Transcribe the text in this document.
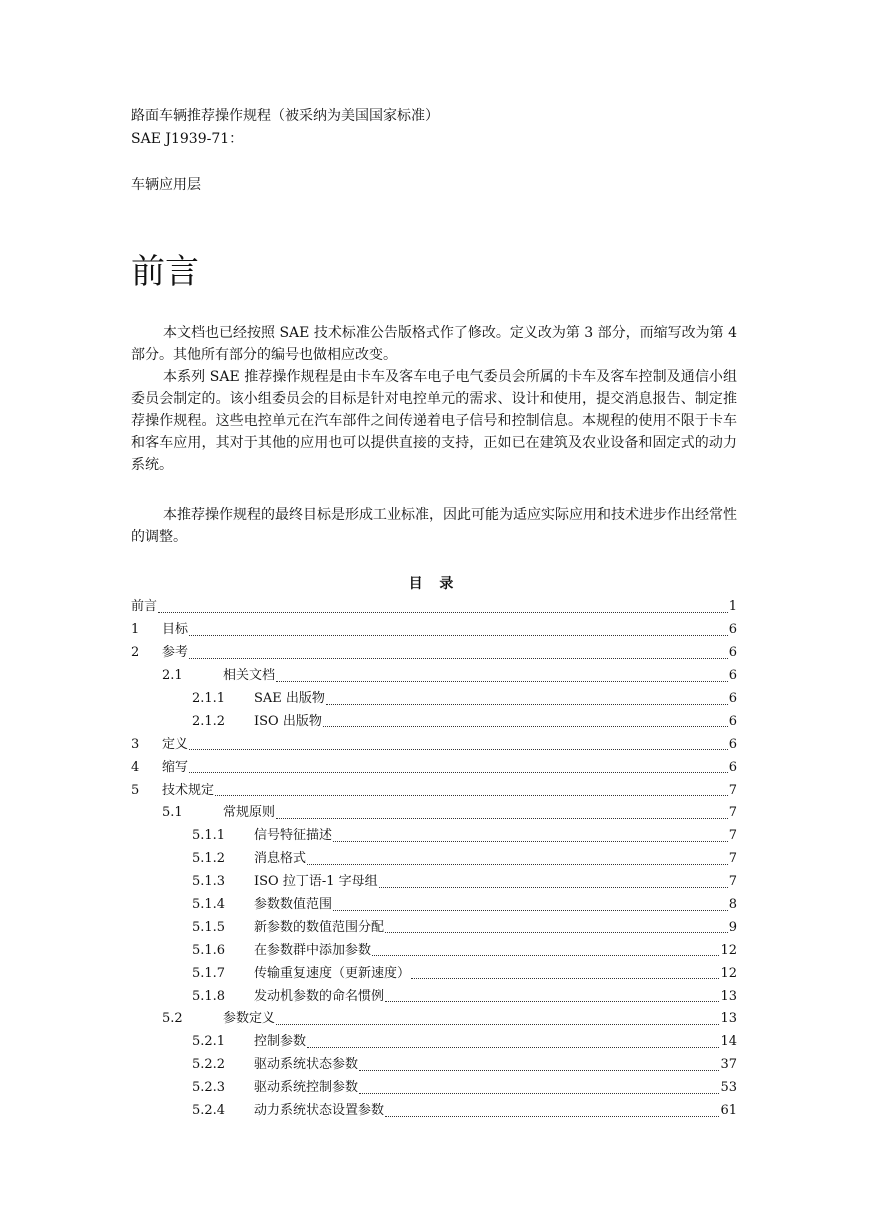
路面车辆推荐操作规程（被采纳为美国国家标准）
SAE J1939-71：
车辆应用层
前言

本文档也已经按照 SAE 技术标准公告版格式作了修改。定义改为第 3 部分，而缩写改为第 4 部分。其他所有部分的编号也做相应改变。

本系列 SAE 推荐操作规程是由卡车及客车电子电气委员会所属的卡车及客车控制及通信小组委员会制定的。该小组委员会的目标是针对电控单元的需求、设计和使用，提交消息报告、制定推荐操作规程。这些电控单元在汽车部件之间传递着电子信号和控制信息。本规程的使用不限于卡车和客车应用，其对于其他的应用也可以提供直接的支持，正如已在建筑及农业设备和固定式的动力系统。

本推荐操作规程的最终目标是形成工业标准，因此可能为适应实际应用和技术进步作出经常性的调整。

目 录
前言	1
1	目标	6
2	参考	6
2.1	相关文档	6
2.1.1	SAE 出版物	6
2.1.2	ISO 出版物	6
3	定义	6
4	缩写	6
5	技术规定	7
5.1	常规原则	7
5.1.1	信号特征描述	7
5.1.2	消息格式	7
5.1.3	ISO 拉丁语-1 字母组	7
5.1.4	参数数值范围	8
5.1.5	新参数的数值范围分配	9
5.1.6	在参数群中添加参数	12
5.1.7	传输重复速度（更新速度）	12
5.1.8	发动机参数的命名惯例	13
5.2	参数定义	13
5.2.1	控制参数	14
5.2.2	驱动系统状态参数	37
5.2.3	驱动系统控制参数	53
5.2.4	动力系统状态设置参数	61
